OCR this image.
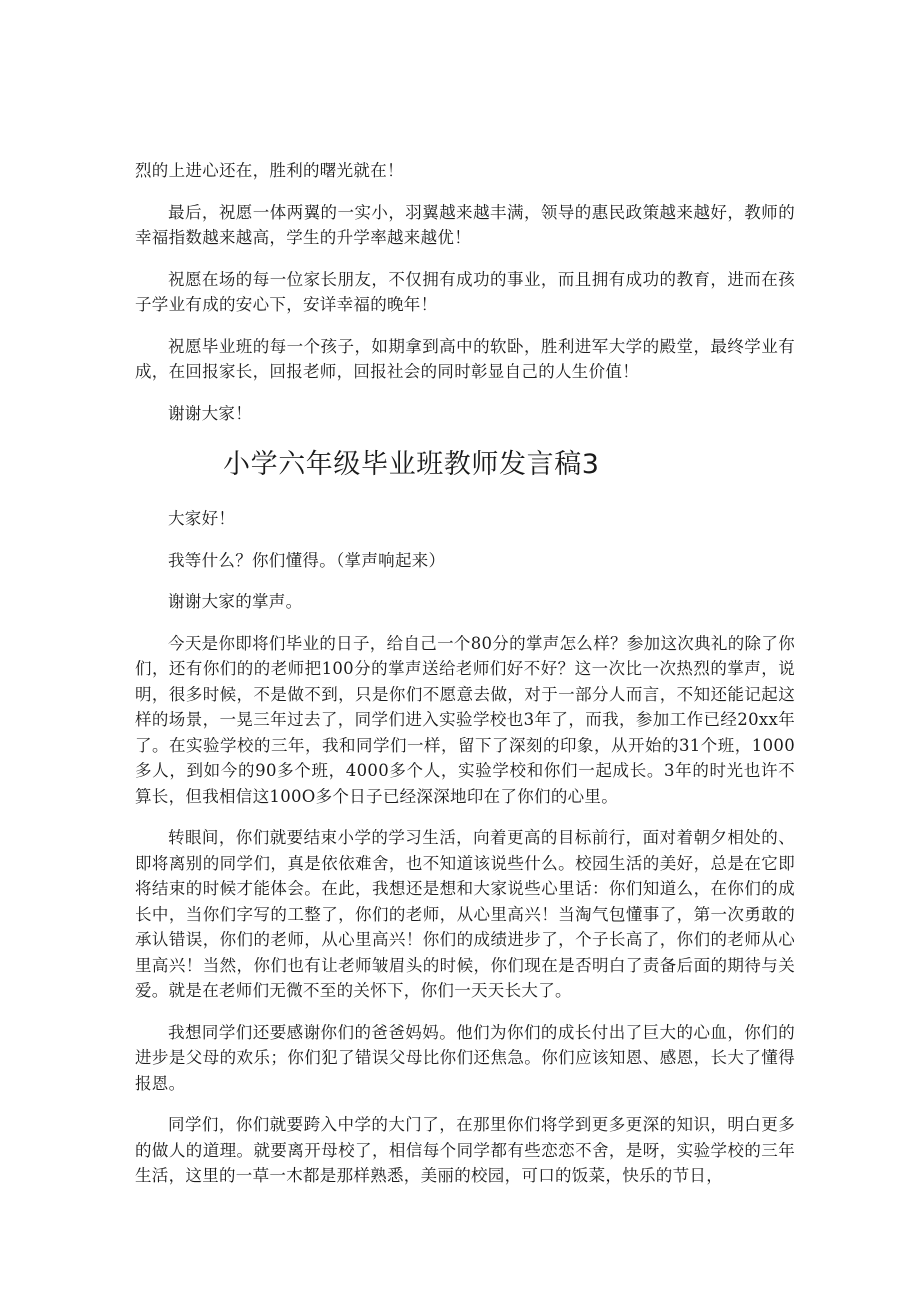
烈的上进心还在，胜利的曙光就在！

最后，祝愿一体两翼的一实小，羽翼越来越丰满，领导的惠民政策越来越好，教师的幸福指数越来越高，学生的升学率越来越优！

祝愿在场的每一位家长朋友，不仅拥有成功的事业，而且拥有成功的教育，进而在孩子学业有成的安心下，安详幸福的晚年！

祝愿毕业班的每一个孩子，如期拿到高中的软卧，胜利进军大学的殿堂，最终学业有成，在回报家长，回报老师，回报社会的同时彰显自己的人生价值！

谢谢大家！

小学六年级毕业班教师发言稿3

大家好！

我等什么？你们懂得。（掌声响起来）

谢谢大家的掌声。

今天是你即将们毕业的日子，给自己一个80分的掌声怎么样？参加这次典礼的除了你们，还有你们的的老师把100分的掌声送给老师们好不好？这一次比一次热烈的掌声，说明，很多时候，不是做不到，只是你们不愿意去做，对于一部分人而言，不知还能记起这样的场景，一晃三年过去了，同学们进入实验学校也3年了，而我，参加工作已经20xx年了。在实验学校的三年，我和同学们一样，留下了深刻的印象，从开始的31个班，1000多人，到如今的90多个班，4000多个人，实验学校和你们一起成长。3年的时光也许不算长，但我相信这100O多个日子已经深深地印在了你们的心里。

转眼间，你们就要结束小学的学习生活，向着更高的目标前行，面对着朝夕相处的、即将离别的同学们，真是依依难舍，也不知道该说些什么。校园生活的美好，总是在它即将结束的时候才能体会。在此，我想还是想和大家说些心里话：你们知道么，在你们的成长中，当你们字写的工整了，你们的老师，从心里高兴！当淘气包懂事了，第一次勇敢的承认错误，你们的老师，从心里高兴！你们的成绩进步了，个子长高了，你们的老师从心里高兴！当然，你们也有让老师皱眉头的时候，你们现在是否明白了责备后面的期待与关爱。就是在老师们无微不至的关怀下，你们一天天长大了。

我想同学们还要感谢你们的爸爸妈妈。他们为你们的成长付出了巨大的心血，你们的进步是父母的欢乐；你们犯了错误父母比你们还焦急。你们应该知恩、感恩，长大了懂得报恩。

同学们，你们就要跨入中学的大门了，在那里你们将学到更多更深的知识，明白更多的做人的道理。就要离开母校了，相信每个同学都有些恋恋不舍，是呀，实验学校的三年生活，这里的一草一木都是那样熟悉，美丽的校园，可口的饭菜，快乐的节日，
